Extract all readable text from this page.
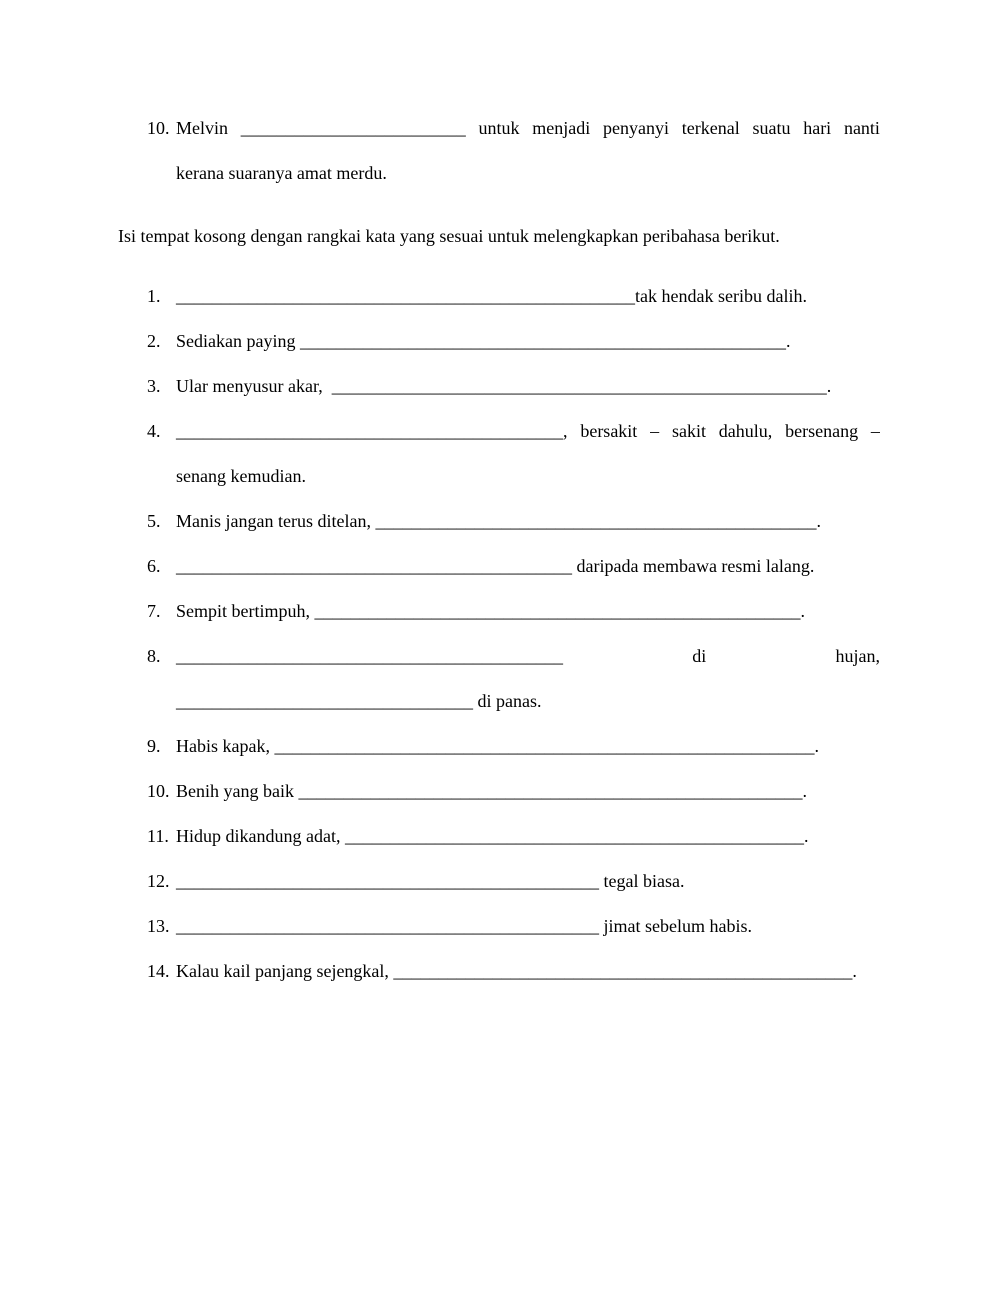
10. Melvin _________________________ untuk menjadi penyanyi terkenal suatu hari nanti
kerana suaranya amat merdu.
Isi tempat kosong dengan rangkai kata yang sesuai untuk melengkapkan peribahasa berikut.
1. ___________________________________________________tak hendak seribu dalih.
2. Sediakan paying ______________________________________________________.
3. Ular menyusur akar,  _______________________________________________________.
4. ___________________________________________, bersakit – sakit dahulu, bersenang –
senang kemudian.
5. Manis jangan terus ditelan, _________________________________________________.
6. ____________________________________________ daripada membawa resmi lalang.
7. Sempit bertimpuh, ______________________________________________________.
8. ___________________________________________	di	hujan,
_________________________________ di panas.
9. Habis kapak, ____________________________________________________________.
10. Benih yang baik ________________________________________________________.
11. Hidup dikandung adat, ___________________________________________________.
12. _______________________________________________ tegal biasa.
13. _______________________________________________ jimat sebelum habis.
14. Kalau kail panjang sejengkal, ___________________________________________________.
